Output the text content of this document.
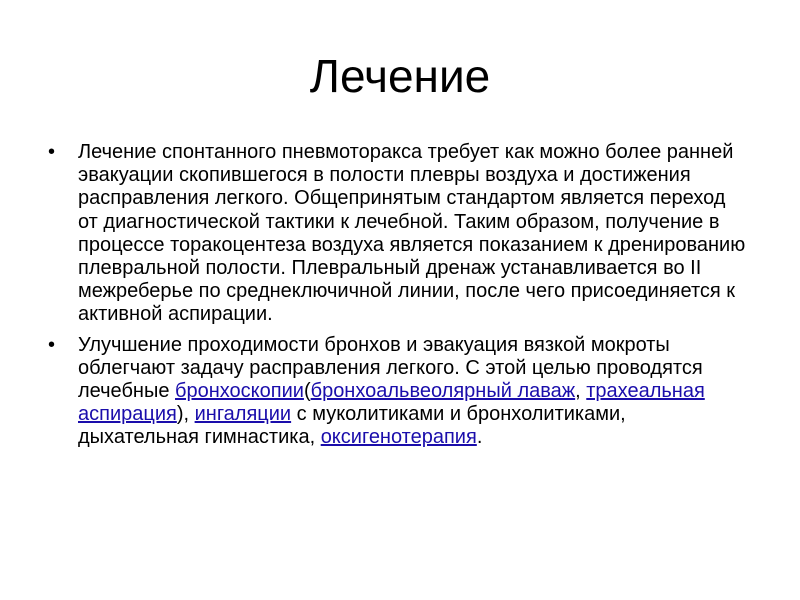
Лечение
•	Лечение спонтанного пневмоторакса требует как можно более ранней эвакуации скопившегося в полости плевры воздуха и достижения расправления легкого. Общепринятым стандартом является переход от диагностической тактики к лечебной. Таким образом, получение в процессе торакоцентеза воздуха является показанием к дренированию плевральной полости. Плевральный дренаж устанавливается во II межреберье по среднеключичной линии, после чего присоединяется к активной аспирации.
•	Улучшение проходимости бронхов и эвакуация вязкой мокроты облегчают задачу расправления легкого. С этой целью проводятся
лечебные бронхоскопии(бронхоальвеолярный лаваж, трахеальная аспирация), ингаляции с муколитиками и бронхолитиками, дыхательная гимнастика, оксигенотерапия.
